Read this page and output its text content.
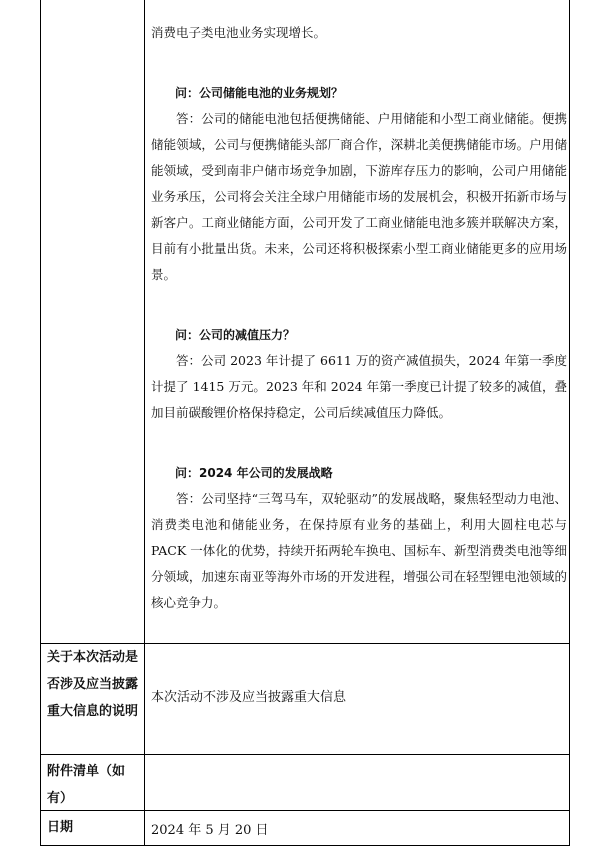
消费电子类电池业务实现增长。

问：公司储能电池的业务规划？

答：公司的储能电池包括便携储能、户用储能和小型工商业储能。便携储能领域，公司与便携储能头部厂商合作，深耕北美便携储能市场。户用储能领域，受到南非户储市场竞争加剧，下游库存压力的影响，公司户用储能业务承压，公司将会关注全球户用储能市场的发展机会，积极开拓新市场与新客户。工商业储能方面，公司开发了工商业储能电池多簇并联解决方案，目前有小批量出货。未来，公司还将积极探索小型工商业储能更多的应用场景。

问：公司的减值压力？

答：公司 2023 年计提了 6611 万的资产减值损失，2024 年第一季度计提了 1415 万元。2023 年和 2024 年第一季度已计提了较多的减值，叠加目前碳酸锂价格保持稳定，公司后续减值压力降低。

问：2024 年公司的发展战略

答：公司坚持“三驾马车，双轮驱动”的发展战略，聚焦轻型动力电池、消费类电池和储能业务，在保持原有业务的基础上，利用大圆柱电芯与 PACK 一体化的优势，持续开拓两轮车换电、国标车、新型消费类电池等细分领域，加速东南亚等海外市场的开发进程，增强公司在轻型锂电池领域的核心竞争力。

关于本次活动是否涉及应当披露重大信息的说明
本次活动不涉及应当披露重大信息
附件清单（如有）
日期	2024 年 5 月 20 日
